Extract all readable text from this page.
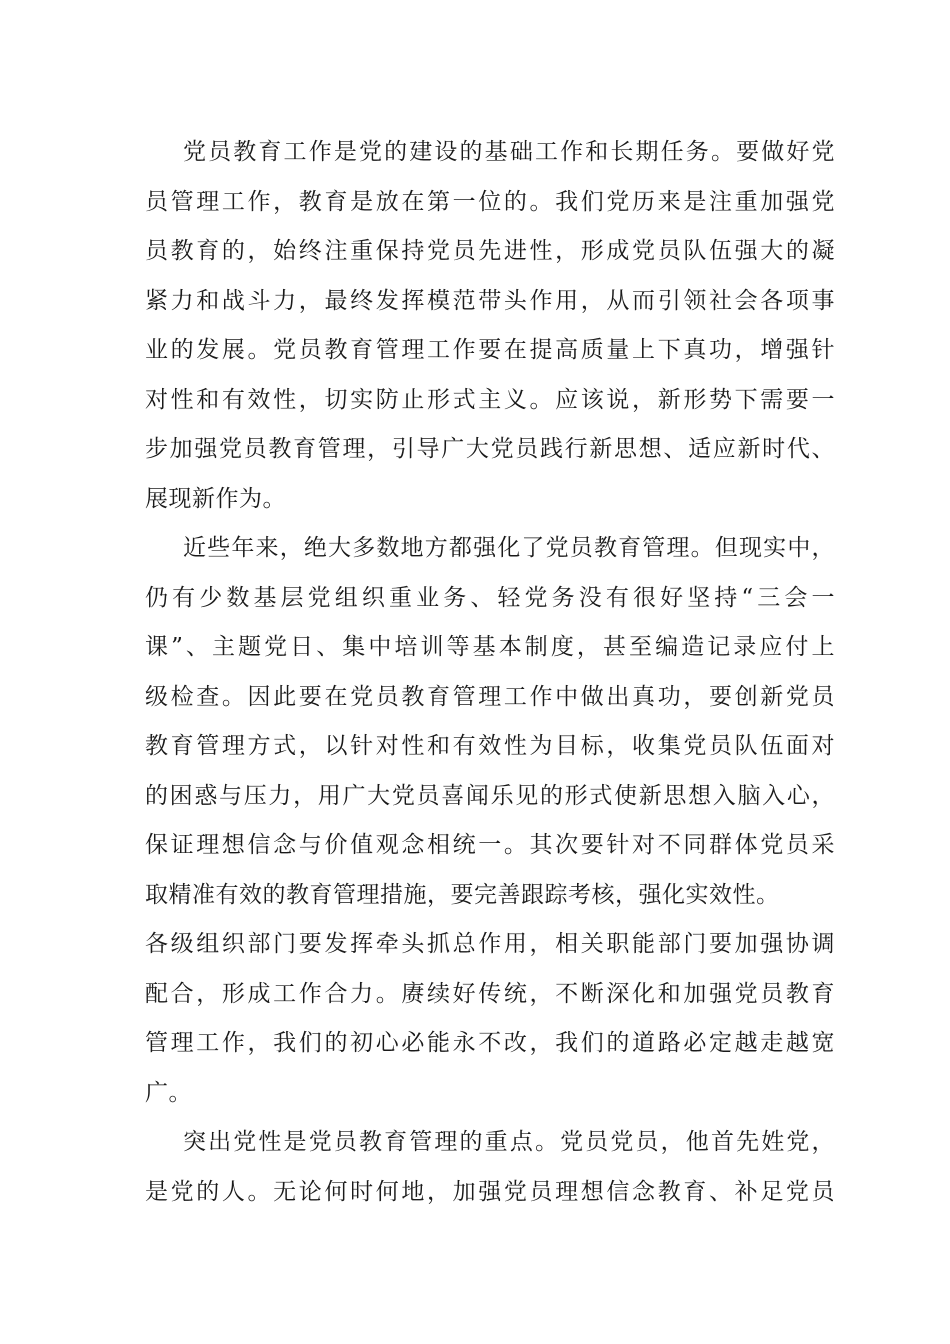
党员教育工作是党的建设的基础工作和长期任务。要做好党
员管理工作，教育是放在第一位的。我们党历来是注重加强党
员教育的，始终注重保持党员先进性，形成党员队伍强大的凝
紧力和战斗力，最终发挥模范带头作用，从而引领社会各项事
业的发展。党员教育管理工作要在提高质量上下真功，增强针
对性和有效性，切实防止形式主义。应该说，新形势下需要一
步加强党员教育管理，引导广大党员践行新思想、适应新时代、
展现新作为。
近些年来，绝大多数地方都强化了党员教育管理。但现实中，
仍有少数基层党组织重业务、轻党务没有很好坚持“三会一
课”、主题党日、集中培训等基本制度，甚至编造记录应付上
级检查。因此要在党员教育管理工作中做出真功，要创新党员
教育管理方式，以针对性和有效性为目标，收集党员队伍面对
的困惑与压力，用广大党员喜闻乐见的形式使新思想入脑入心，
保证理想信念与价值观念相统一。其次要针对不同群体党员采
取精准有效的教育管理措施，要完善跟踪考核，强化实效性。
各级组织部门要发挥牵头抓总作用，相关职能部门要加强协调
配合，形成工作合力。赓续好传统，不断深化和加强党员教育
管理工作，我们的初心必能永不改，我们的道路必定越走越宽
广。
突出党性是党员教育管理的重点。党员党员，他首先姓党，
是党的人。无论何时何地，加强党员理想信念教育、补足党员
